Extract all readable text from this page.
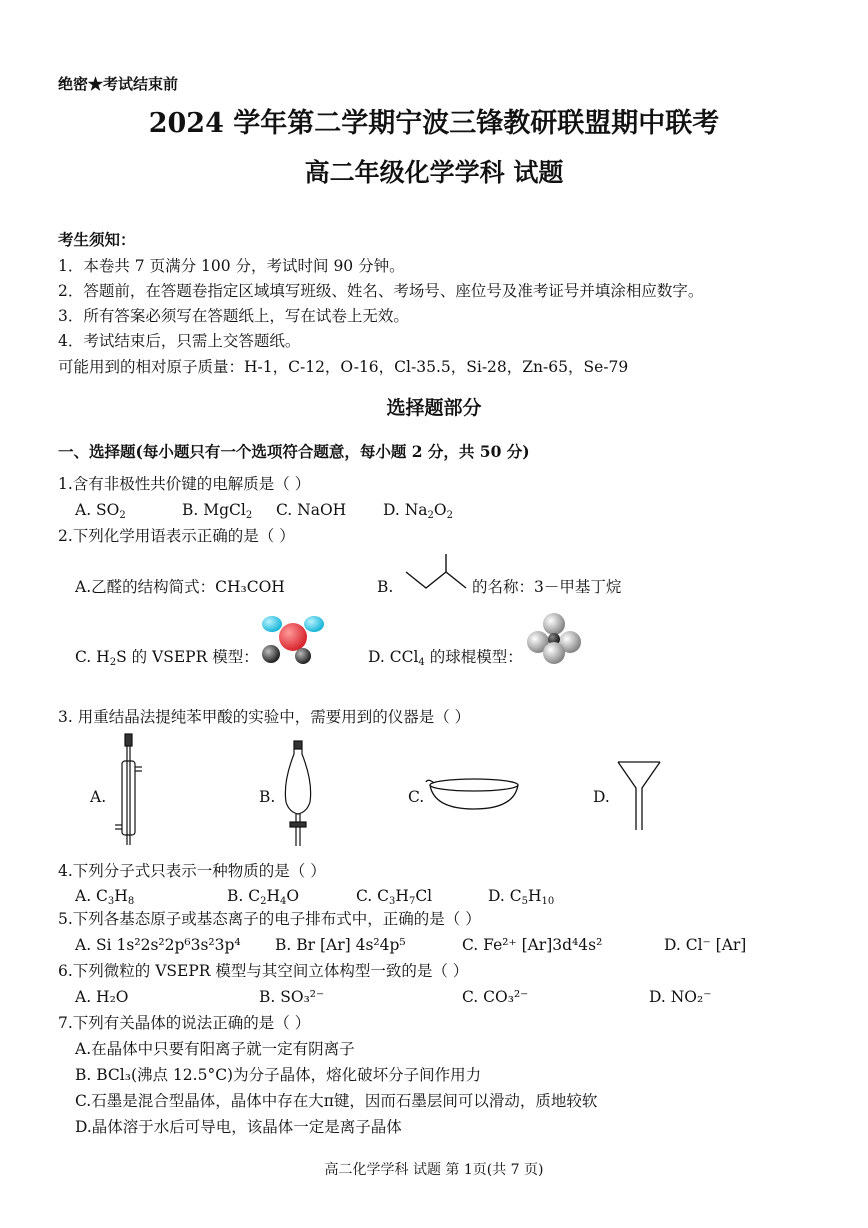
绝密★考试结束前
2024 学年第二学期宁波三锋教研联盟期中联考
高二年级化学学科 试题
考生须知：
1．本卷共 7 页满分 100 分，考试时间 90 分钟。
2．答题前，在答题卷指定区域填写班级、姓名、考场号、座位号及准考证号并填涂相应数字。
3．所有答案必须写在答题纸上，写在试卷上无效。
4．考试结束后，只需上交答题纸。
可能用到的相对原子质量：H-1，C-12，O-16，Cl-35.5，Si-28，Zn-65，Se-79
选择题部分
一、选择题(每小题只有一个选项符合题意，每小题 2 分，共 50 分)
1.含有非极性共价键的电解质是（ ）
A. $SO_2$	B. MgCl$_2$ C. NaOH D. $Na_2O_2$
2.下列化学用语表示正确的是（ ）
A.乙醛的结构简式：CH₃COH	B.	的名称：3－甲基丁烷
C. $H_2S$ 的 VSEPR 模型：	D. CCl$_4$ 的球棍模型：
3. 用重结晶法提纯苯甲酸的实验中，需要用到的仪器是（ ）
A.	B.	C.	D.
4.下列分子式只表示一种物质的是（ ）
A. $C_3H_8$	B. $C_2H_4O$	C. $C_3H_7Cl$	D. $C_5H_{10}$
5.下列各基态原子或基态离子的电子排布式中，正确的是（ ）
A. Si 1s²2s²2p⁶3s²3p⁴ B. Br [Ar] 4s²4p⁵	C. Fe²⁺ [Ar]3d⁴4s²	D. Cl⁻ [Ar]
6.下列微粒的 VSEPR 模型与其空间立体构型一致的是（ ）
A. H₂O	B. SO₃²⁻	C. CO₃²⁻	D. NO₂⁻
7.下列有关晶体的说法正确的是（ ）
A.在晶体中只要有阳离子就一定有阴离子
B. BCl₃(沸点 12.5°C)为分子晶体，熔化破坏分子间作用力
C.石墨是混合型晶体，晶体中存在大π键，因而石墨层间可以滑动，质地较软
D.晶体溶于水后可导电，该晶体一定是离子晶体
高二化学学科 试题 第 1页(共 7 页)
